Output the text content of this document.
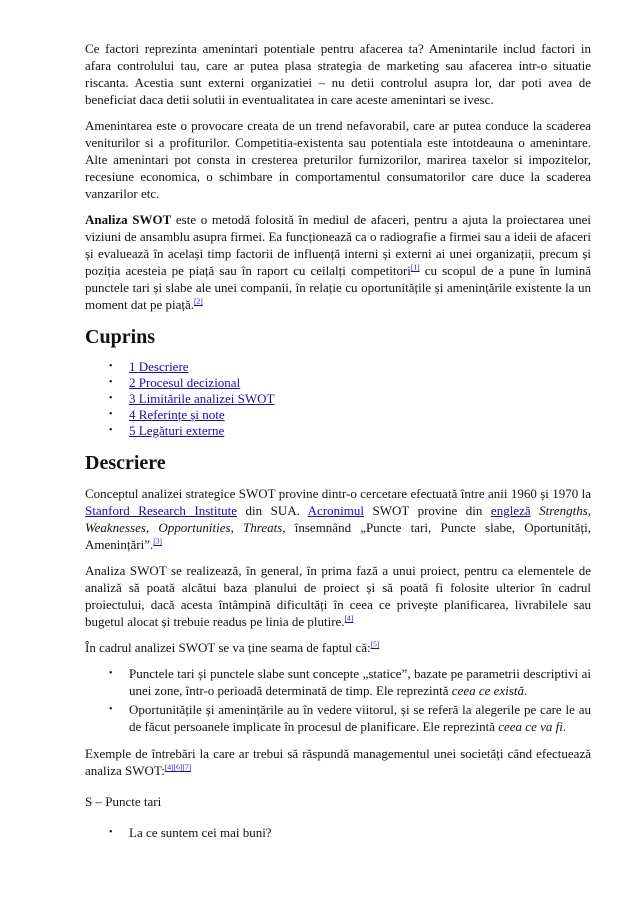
Ce factori reprezinta amenintari potentiale pentru afacerea ta? Amenintarile includ factori in afara controlului tau, care ar putea plasa strategia de marketing sau afacerea intr-o situatie riscanta. Acestia sunt externi organizatiei – nu detii controlul asupra lor, dar poti avea de beneficiat daca detii solutii in eventualitatea in care aceste amenintari se ivesc.

Amenintarea este o provocare creata de un trend nefavorabil, care ar putea conduce la scaderea veniturilor si a profiturilor. Competitia-existenta sau potentiala este intotdeauna o amenintare. Alte amenintari pot consta in cresterea preturilor furnizorilor, marirea taxelor si impozitelor, recesiune economica, o schimbare in comportamentul consumatorilor care duce la scaderea vanzarilor etc.

Analiza SWOT este o metodă folosită în mediul de afaceri, pentru a ajuta la proiectarea unei viziuni de ansamblu asupra firmei. Ea funcționează ca o radiografie a firmei sau a ideii de afaceri și evaluează în același timp factorii de influență interni și externi ai unei organizații, precum și poziția acesteia pe piață sau în raport cu ceilalți competitori[1] cu scopul de a pune în lumină punctele tari și slabe ale unei companii, în relație cu oportunitățile și amenințările existente la un moment dat pe piață.[2]

Cuprins
• 1 Descriere
• 2 Procesul decizional
• 3 Limitările analizei SWOT
• 4 Referințe și note
• 5 Legături externe
Descriere

Conceptul analizei strategice SWOT provine dintr-o cercetare efectuată între anii 1960 și 1970 la Stanford Research Institute din SUA. Acronimul SWOT provine din engleză Strengths, Weaknesses, Opportunities, Threats, însemnând „Puncte tari, Puncte slabe, Oportunități, Amenințări”.[3]

Analiza SWOT se realizează, în general, în prima fază a unui proiect, pentru ca elementele de analiză să poată alcătui baza planului de proiect și să poată fi folosite ulterior în cadrul proiectului, dacă acesta întâmpină dificultăți în ceea ce privește planificarea, livrabilele sau bugetul alocat și trebuie readus pe linia de plutire.[4]

În cadrul analizei SWOT se va ține seama de faptul că:[5]

• Punctele tari și punctele slabe sunt concepte „statice”, bazate pe parametrii descriptivi ai unei zone, într-o perioadă determinată de timp. Ele reprezintă ceea ce există.
• Oportunitățile și amenințările au în vedere viitorul, și se referă la alegerile pe care le au de făcut persoanele implicate în procesul de planificare. Ele reprezintă ceea ce va fi.

Exemple de întrebări la care ar trebui să răspundă managementul unei societăți când efectuează analiza SWOT:[4][6][7]

S – Puncte tari

• La ce suntem cei mai buni?
